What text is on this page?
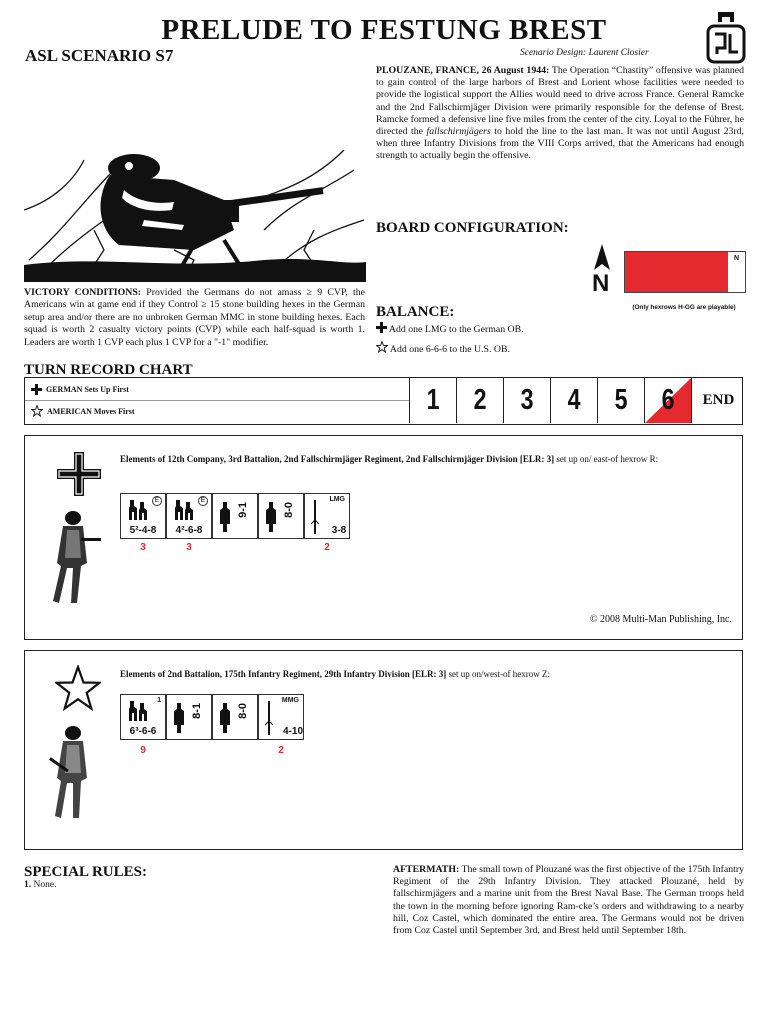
PRELUDE TO FESTUNG BREST
ASL SCENARIO S7	Scenario Design: Laurent Closier
PLOUZANE, FRANCE, 26 August 1944: The Operation “Chastity” offensive was planned to gain control of the large harbors of Brest and Lorient whose facilities were needed to provide the logistical support the Allies would need to drive across France. General Ramcke and the 2nd Fallschirmjäger Division were primarily responsible for the defense of Brest. Ramcke formed a defensive line five miles from the center of the city. Loyal to the Führer, he directed the fallschirmjägers to hold the line to the last man. It was not until August 23rd, when three Infantry Divisions from the VIII Corps arrived, that the Americans had enough strength to actually begin the offensive.
VICTORY CONDITIONS: Provided the Germans do not amass ≥ 9 CVP, the Americans win at game end if they Control ≥ 15 stone building hexes in the German setup area and/or there are no unbroken German MMC in stone building hexes. Each squad is worth 2 casualty victory points (CVP) while each half-squad is worth 1. Leaders are worth 1 CVP each plus 1 CVP for a "-1" modifier.
BOARD CONFIGURATION:
N
N
(Only hexrows H-GG are playable)
BALANCE:
Add one LMG to the German OB.
Add one 6-6-6 to the U.S. OB.
TURN RECORD CHART
GERMAN Sets Up First
AMERICAN Moves First	1	2	3	4	5	6	END
Elements of 12th Company, 3rd Battalion, 2nd Fallschirmjäger Regiment, 2nd Fallschirmjäger Division [ELR: 3] set up on/ east-of hexrow R:
E
5²-4-8
E
4²-6-8
9-1	8-0
LMG
3-8
3	3	2
© 2008 Multi-Man Publishing, Inc.
Elements of 2nd Battalion, 175th Infantry Regiment, 29th Infantry Division [ELR: 3] set up on/west-of hexrow Z:
1
6³-6-6
8-1	8-0
MMG
4-10
9	2
SPECIAL RULES:
1. None.
AFTERMATH: The small town of Plouzané was the first objective of the 175th Infantry Regiment of the 29th Infantry Division. They attacked Plouzané, held by fallschirmjägers and a marine unit from the Brest Naval Base. The German troops held the town in the morning before ignoring Ram-cke’s orders and withdrawing to a nearby hill, Coz Castel, which dominated the entire area. The Germans would not be driven from Coz Castel until September 3rd, and Brest held until September 18th.
